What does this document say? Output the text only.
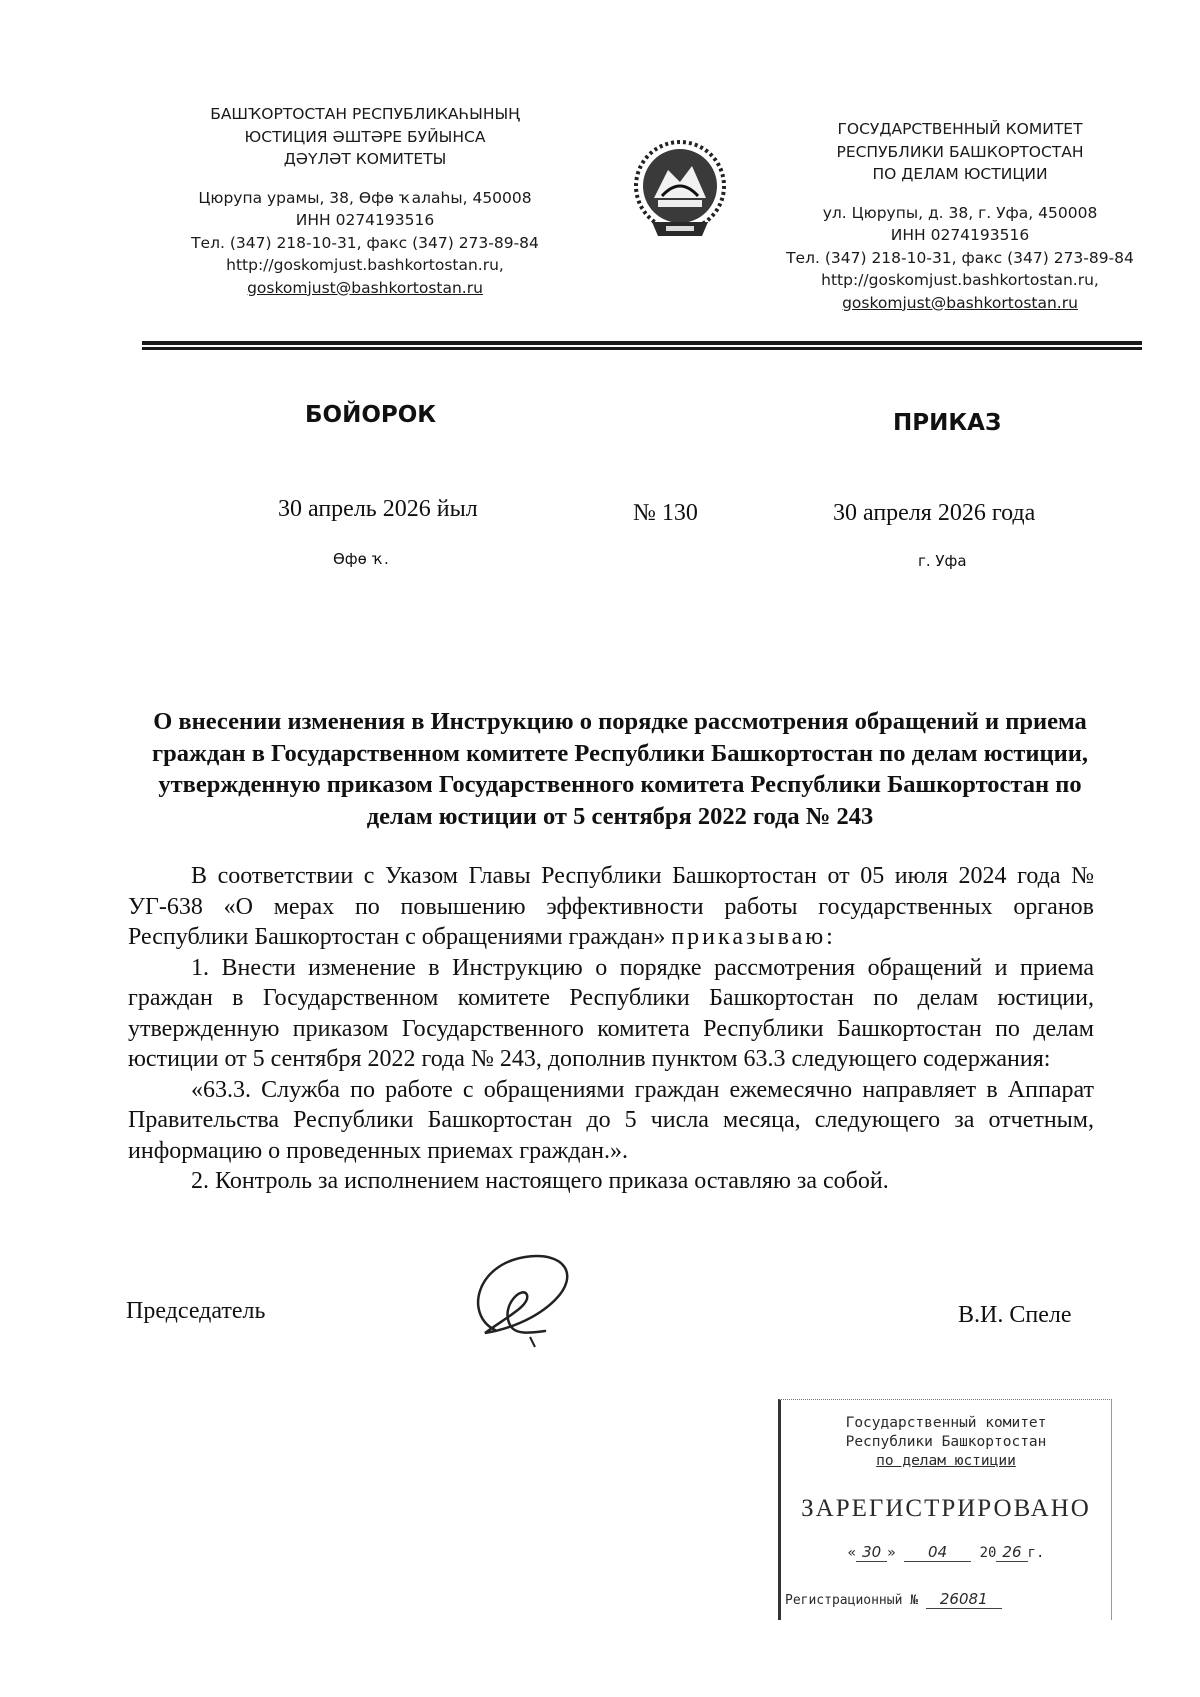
БАШҠОРТОСТАН РЕСПУБЛИКАҺЫНЫҢ
ЮСТИЦИЯ ӘШТӘРЕ БУЙЫНСА
ДӘҮЛӘТ КОМИТЕТЫ
Цюрупа урамы, 38, Өфө ҡалаһы, 450008
ИНН 0274193516
Тел. (347) 218-10-31, факс (347) 273-89-84
http://goskomjust.bashkortostan.ru,
goskomjust@bashkortostan.ru
ГОСУДАРСТВЕННЫЙ КОМИТЕТ
РЕСПУБЛИКИ БАШКОРТОСТАН
ПО ДЕЛАМ ЮСТИЦИИ
ул. Цюрупы, д. 38, г. Уфа, 450008
ИНН 0274193516
Тел. (347) 218-10-31, факс (347) 273-89-84
http://goskomjust.bashkortostan.ru,
goskomjust@bashkortostan.ru
БОЙОРОК	ПРИКАЗ
30 апрель 2026 йыл	№ 130	30 апреля 2026 года
Өфө ҡ.	г. Уфа
О внесении изменения в Инструкцию о порядке рассмотрения обращений и приема граждан в Государственном комитете Республики Башкортостан по делам юстиции, утвержденную приказом Государственного комитета Республики Башкортостан по делам юстиции от 5 сентября 2022 года № 243

В соответствии с Указом Главы Республики Башкортостан от 05 июля 2024 года № УГ-638 «О мерах по повышению эффективности работы государственных органов Республики Башкортостан с обращениями граждан» приказываю:

1. Внести изменение в Инструкцию о порядке рассмотрения обращений и приема граждан в Государственном комитете Республики Башкортостан по делам юстиции, утвержденную приказом Государственного комитета Республики Башкортостан по делам юстиции от 5 сентября 2022 года № 243, дополнив пунктом 63.3 следующего содержания:

«63.3. Служба по работе с обращениями граждан ежемесячно направляет в Аппарат Правительства Республики Башкортостан до 5 числа месяца, следующего за отчетным, информацию о проведенных приемах граждан.».

2. Контроль за исполнением настоящего приказа оставляю за собой.

Председатель	В.И. Спеле
Государственный комитет
Республики Башкортостан
по делам юстиции
ЗАРЕГИСТРИРОВАНО
« 30 » 04 20 26 г.
Регистрационный № 26081
